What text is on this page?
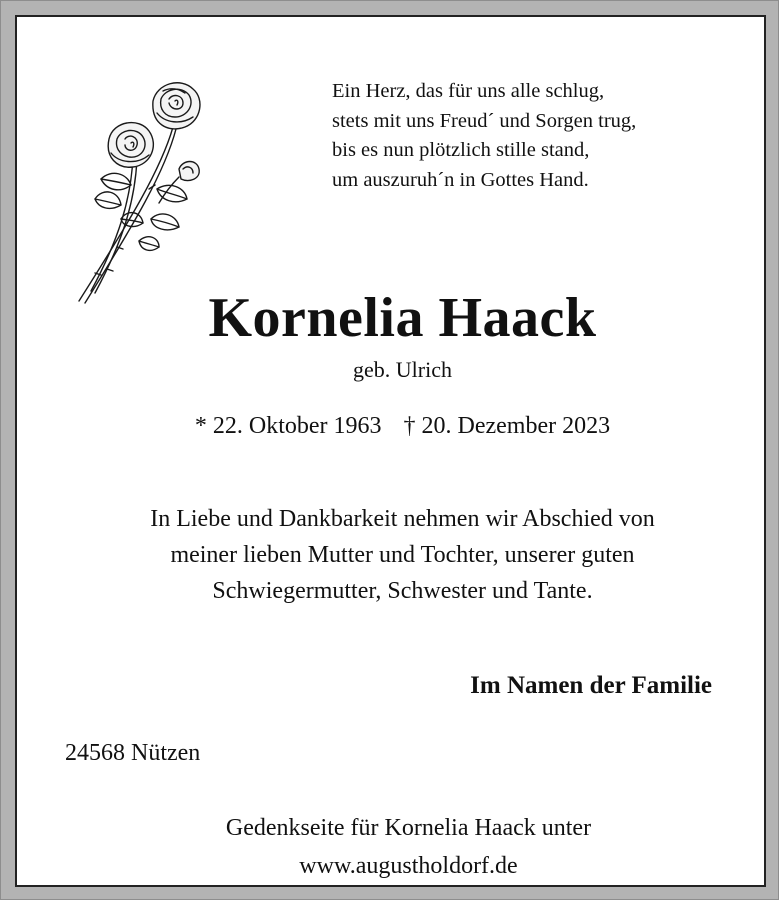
Ein Herz, das für uns alle schlug,
stets mit uns Freud´ und Sorgen trug,
bis es nun plötzlich stille stand,
um auszuruh´n in Gottes Hand.
Kornelia Haack
geb. Ulrich
* 22. Oktober 1963 † 20. Dezember 2023
In Liebe und Dankbarkeit nehmen wir Abschied von
meiner lieben Mutter und Tochter, unserer guten
Schwiegermutter, Schwester und Tante.
Im Namen der Familie
24568 Nützen
Gedenkseite für Kornelia Haack unter
www.augustholdorf.de
